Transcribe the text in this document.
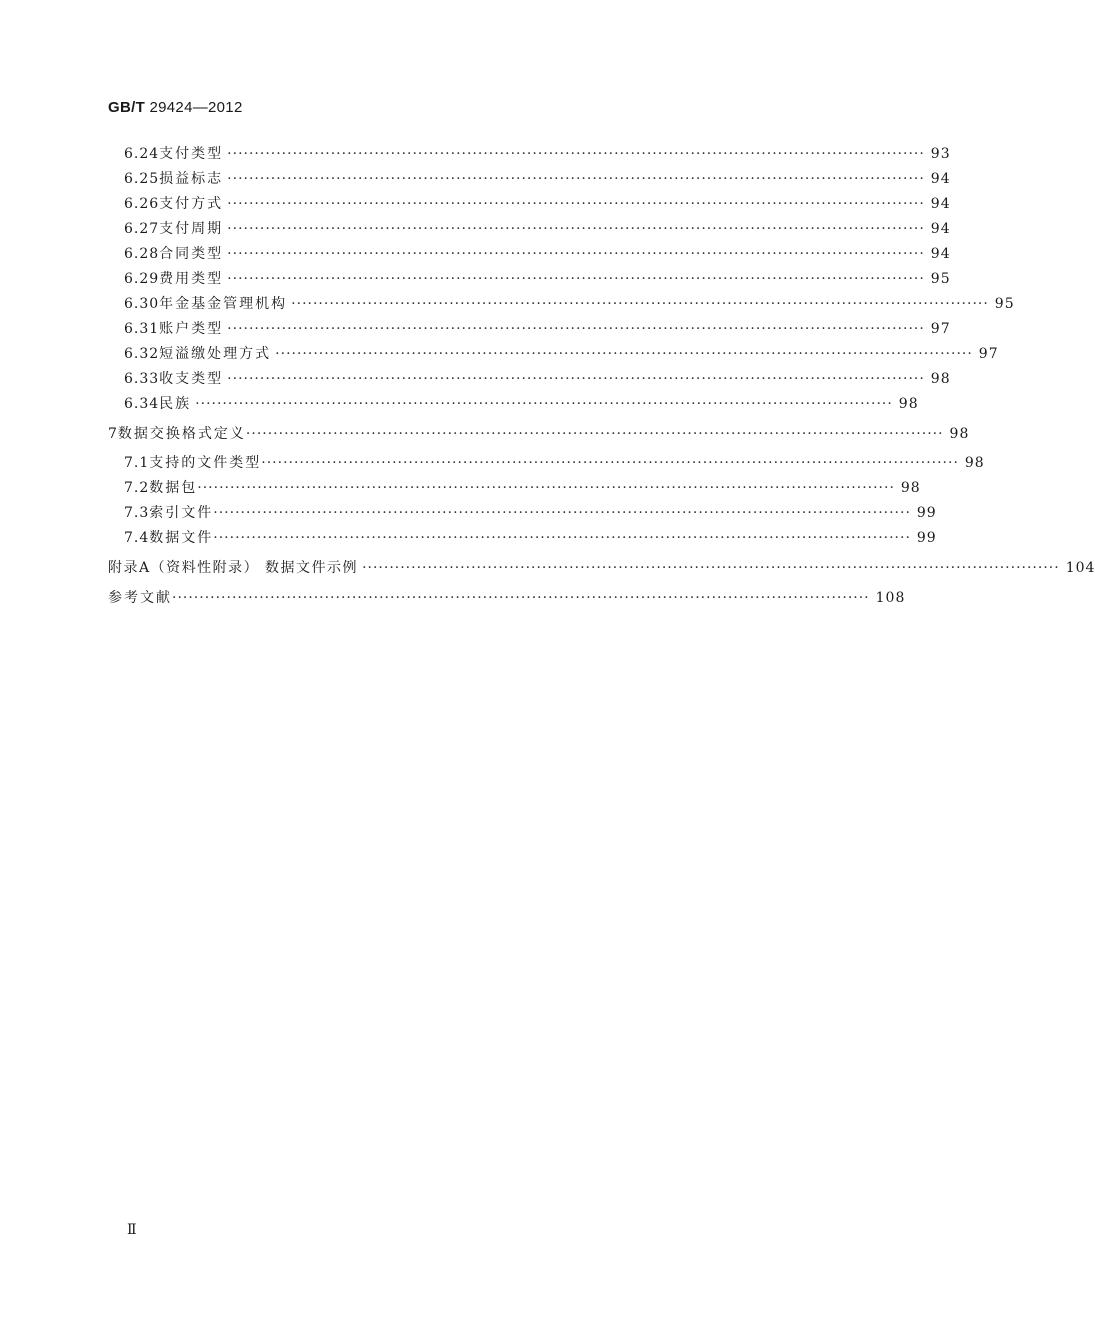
GB/T 29424—2012
6.24 支付类型 ································································································································ 93
6.25 损益标志 ································································································································ 94
6.26 支付方式 ································································································································ 94
6.27 支付周期 ································································································································ 94
6.28 合同类型 ································································································································ 94
6.29 费用类型 ································································································································ 95
6.30 年金基金管理机构 ································································································································ 95
6.31 账户类型 ································································································································ 97
6.32 短溢缴处理方式 ································································································································ 97
6.33 收支类型 ································································································································ 98
6.34 民族 ································································································································ 98
7 数据交换格式定义 ································································································································ 98
7.1 支持的文件类型 ································································································································ 98
7.2 数据包 ································································································································ 98
7.3 索引文件 ································································································································ 99
7.4 数据文件 ································································································································ 99
附录A（资料性附录） 数据文件示例 ································································································································ 104
参考文献 ································································································································ 108
Ⅱ
